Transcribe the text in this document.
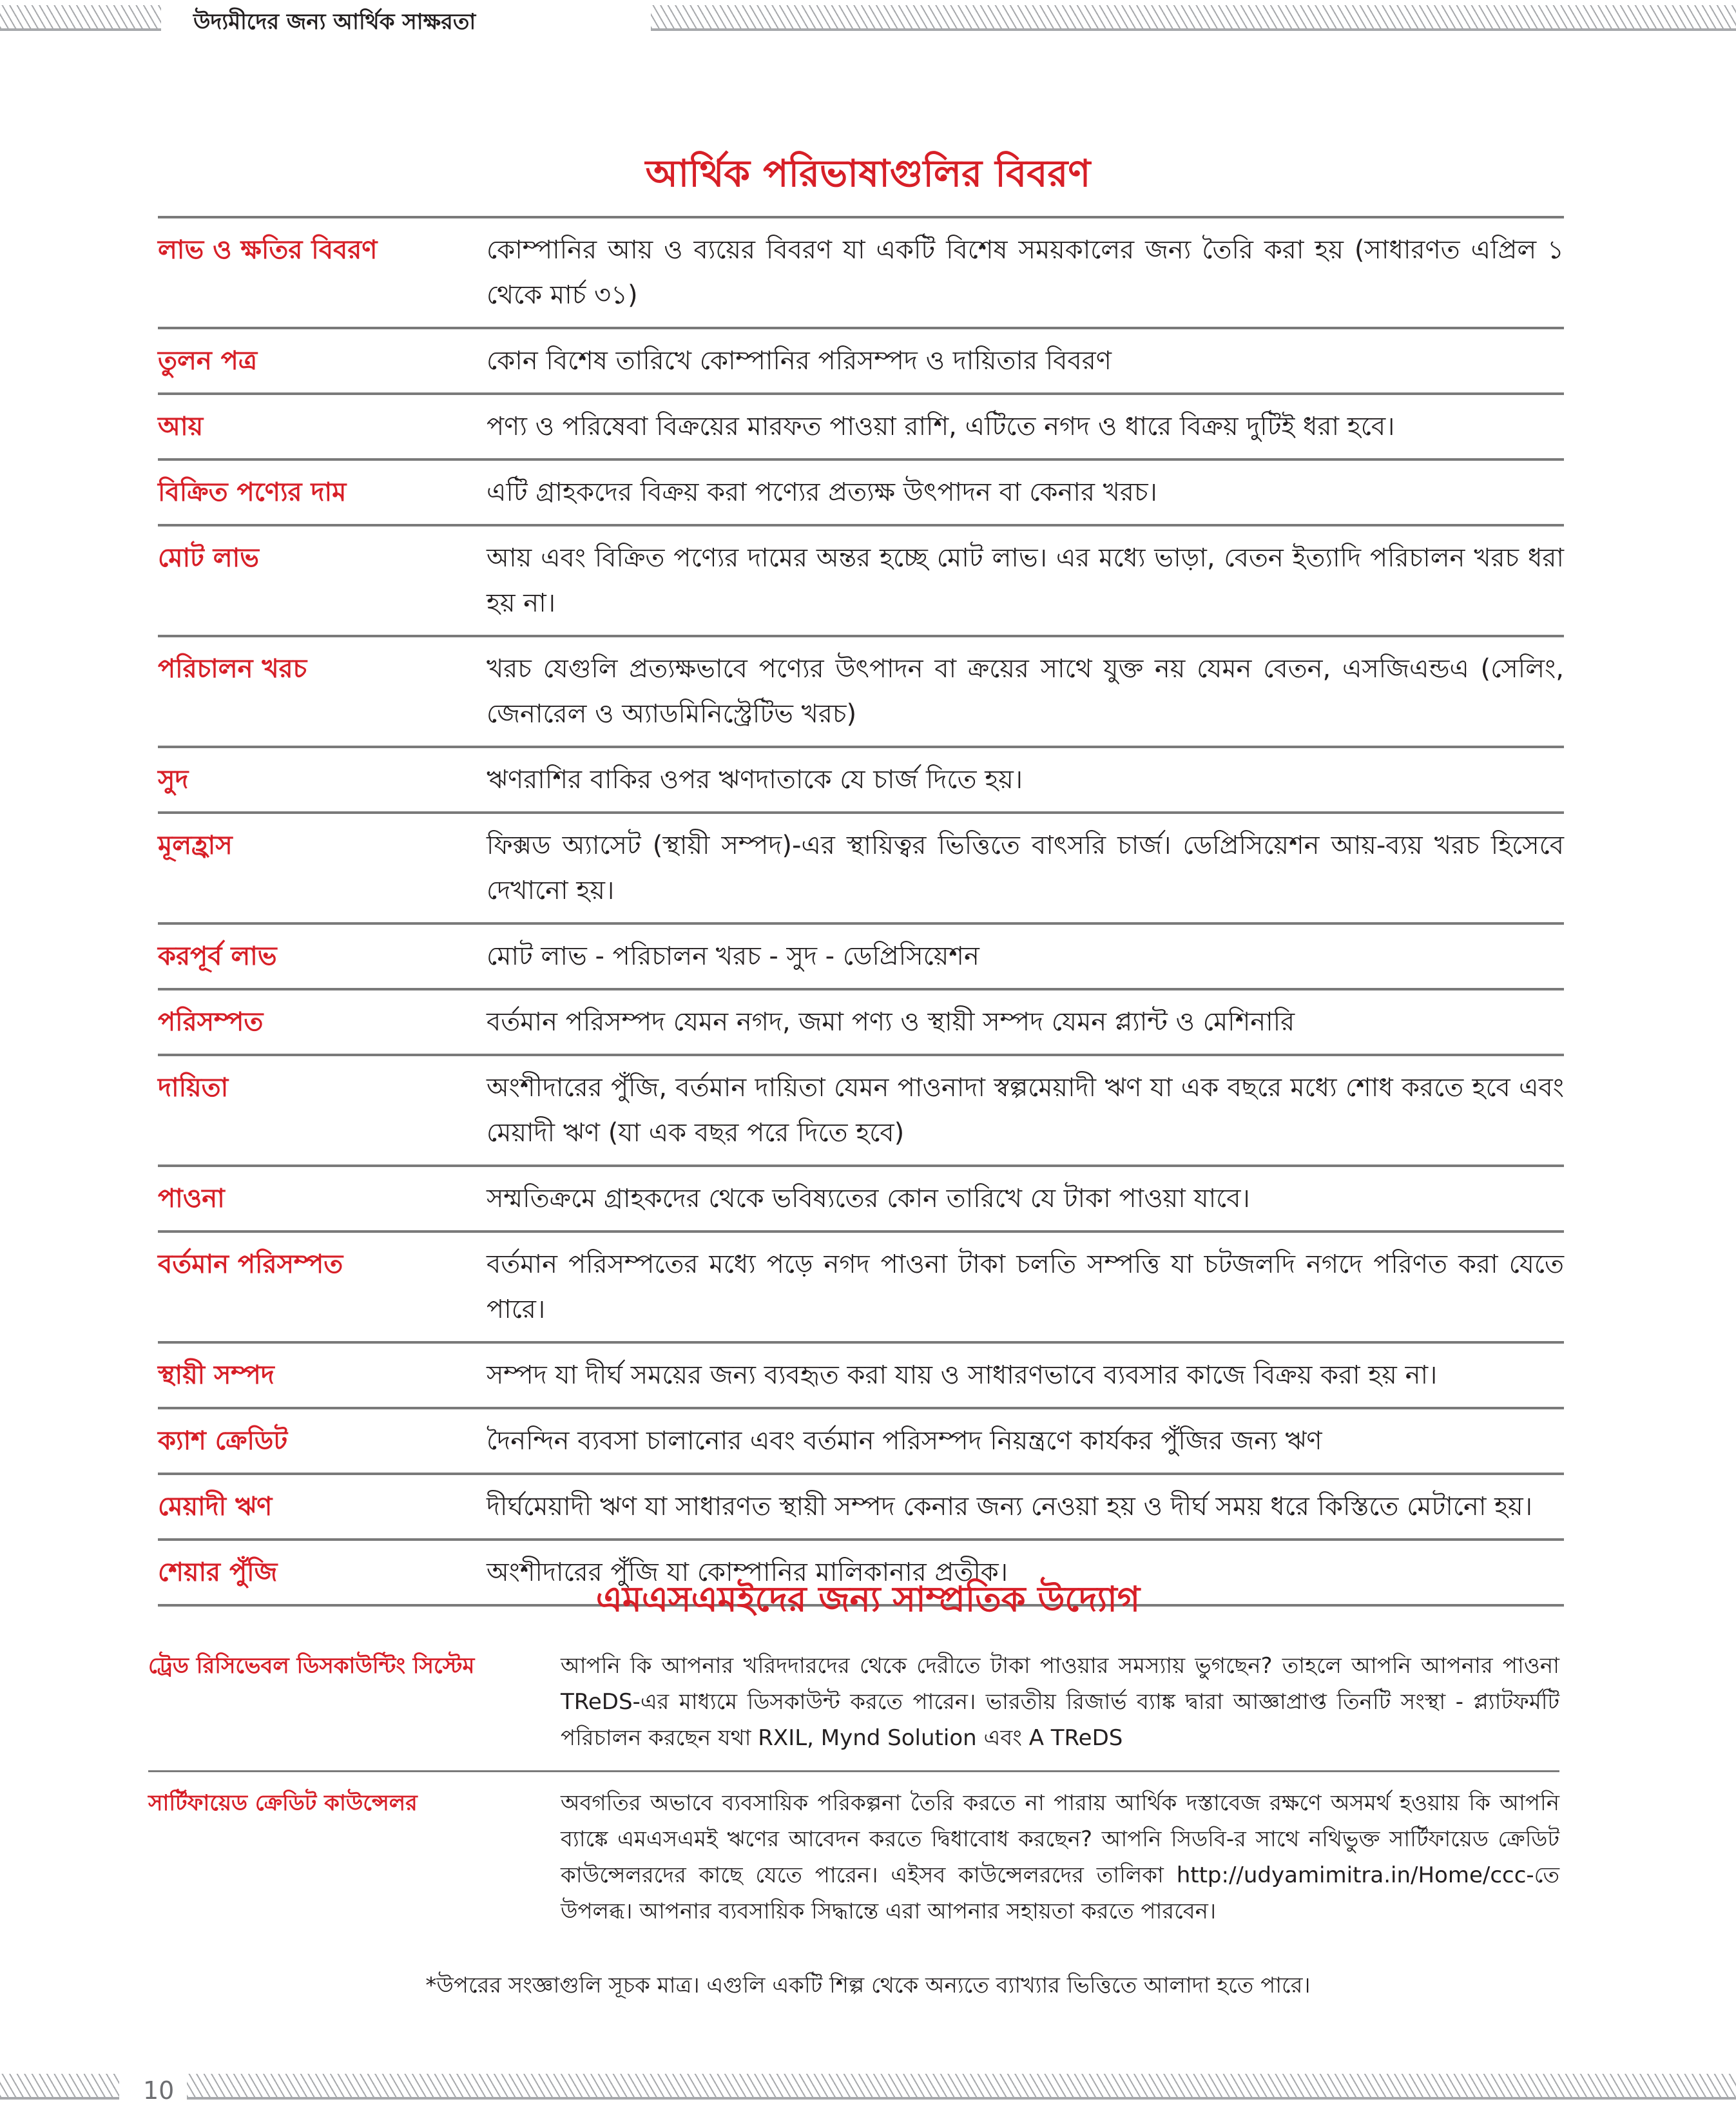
উদ্যমীদের জন্য আর্থিক সাক্ষরতা
আর্থিক পরিভাষাগুলির বিবরণ
লাভ ও ক্ষতির বিবরণ	কোম্পানির আয় ও ব্যয়ের বিবরণ যা একটি বিশেষ সময়কালের জন্য তৈরি করা হয় (সাধারণত এপ্রিল ১ থেকে মার্চ ৩১)
তুলন পত্র	কোন বিশেষ তারিখে কোম্পানির পরিসম্পদ ও দায়িতার বিবরণ
আয়	পণ্য ও পরিষেবা বিক্রয়ের মারফত পাওয়া রাশি, এটিতে নগদ ও ধারে বিক্রয় দুটিই ধরা হবে।
বিক্রিত পণ্যের দাম	এটি গ্রাহকদের বিক্রয় করা পণ্যের প্রত্যক্ষ উৎপাদন বা কেনার খরচ।
মোট লাভ	আয় এবং বিক্রিত পণ্যের দামের অন্তর হচ্ছে মোট লাভ। এর মধ্যে ভাড়া, বেতন ইত্যাদি পরিচালন খরচ ধরা হয় না।
পরিচালন খরচ	খরচ যেগুলি প্রত্যক্ষভাবে পণ্যের উৎপাদন বা ক্রয়ের সাথে যুক্ত নয় যেমন বেতন, এসজিএন্ডএ (সেলিং, জেনারেল ও অ্যাডমিনিস্ট্রেটিভ খরচ)
সুদ	ঋণরাশির বাকির ওপর ঋণদাতাকে যে চার্জ দিতে হয়।
মূলহ্রাস	ফিক্সড অ্যাসেট (স্থায়ী সম্পদ)-এর স্থায়িত্বর ভিত্তিতে বাৎসরি চার্জ। ডেপ্রিসিয়েশন আয়-ব্যয় খরচ হিসেবে দেখানো হয়।
করপূর্ব লাভ	মোট লাভ - পরিচালন খরচ - সুদ - ডেপ্রিসিয়েশন
পরিসম্পত	বর্তমান পরিসম্পদ যেমন নগদ, জমা পণ্য ও স্থায়ী সম্পদ যেমন প্ল্যান্ট ও মেশিনারি
দায়িতা	অংশীদারের পুঁজি, বর্তমান দায়িতা যেমন পাওনাদা স্বল্পমেয়াদী ঋণ যা এক বছরে মধ্যে শোধ করতে হবে এবং মেয়াদী ঋণ (যা এক বছর পরে দিতে হবে)
পাওনা	সম্মতিক্রমে গ্রাহকদের থেকে ভবিষ্যতের কোন তারিখে যে টাকা পাওয়া যাবে।
বর্তমান পরিসম্পত	বর্তমান পরিসম্পতের মধ্যে পড়ে নগদ পাওনা টাকা চলতি সম্পত্তি যা চটজলদি নগদে পরিণত করা যেতে পারে।
স্থায়ী সম্পদ	সম্পদ যা দীর্ঘ সময়ের জন্য ব্যবহৃত করা যায় ও সাধারণভাবে ব্যবসার কাজে বিক্রয় করা হয় না।
ক্যাশ ক্রেডিট	দৈনন্দিন ব্যবসা চালানোর এবং বর্তমান পরিসম্পদ নিয়ন্ত্রণে কার্যকর পুঁজির জন্য ঋণ
মেয়াদী ঋণ	দীর্ঘমেয়াদী ঋণ যা সাধারণত স্থায়ী সম্পদ কেনার জন্য নেওয়া হয় ও দীর্ঘ সময় ধরে কিস্তিতে মেটানো হয়।
শেয়ার পুঁজি	অংশীদারের পুঁজি যা কোম্পানির মালিকানার প্রতীক।
এমএসএমইদের জন্য সাম্প্রতিক উদ্যোগ
ট্রেড রিসিভেবল ডিসকাউন্টিং সিস্টেম	আপনি কি আপনার খরিদদারদের থেকে দেরীতে টাকা পাওয়ার সমস্যায় ভুগছেন? তাহলে আপনি আপনার পাওনা TReDS-এর মাধ্যমে ডিসকাউন্ট করতে পারেন। ভারতীয় রিজার্ভ ব্যাঙ্ক দ্বারা আজ্ঞাপ্রাপ্ত তিনটি সংস্থা - প্ল্যাটফর্মটি পরিচালন করছেন যথা RXIL, Mynd Solution এবং A TReDS
সার্টিফায়েড ক্রেডিট কাউন্সেলর	অবগতির অভাবে ব্যবসায়িক পরিকল্পনা তৈরি করতে না পারায় আর্থিক দস্তাবেজ রক্ষণে অসমর্থ হওয়ায় কি আপনি ব্যাঙ্কে এমএসএমই ঋণের আবেদন করতে দ্বিধাবোধ করছেন? আপনি সিডবি-র সাথে নথিভুক্ত সার্টিফায়েড ক্রেডিট কাউন্সেলরদের কাছে যেতে পারেন। এইসব কাউন্সেলরদের তালিকা http://udyamimitra.in/Home/ccc-তে উপলব্ধ। আপনার ব্যবসায়িক সিদ্ধান্তে এরা আপনার সহায়তা করতে পারবেন।
*উপরের সংজ্ঞাগুলি সূচক মাত্র। এগুলি একটি শিল্প থেকে অন্যতে ব্যাখ্যার ভিত্তিতে আলাদা হতে পারে।
10
